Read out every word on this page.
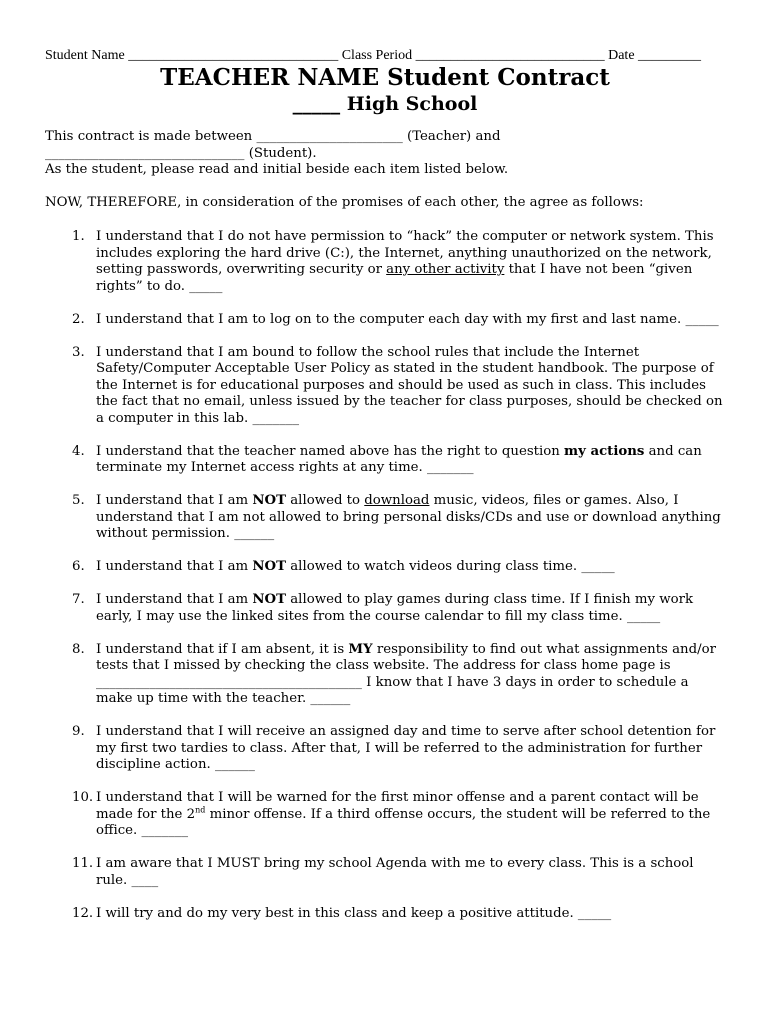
Student Name ______________________________ Class Period ___________________________ Date _________
TEACHER NAME Student Contract
_____ High School
This contract is made between ______________________ (Teacher) and
______________________________ (Student).
As the student, please read and initial beside each item listed below.
NOW, THEREFORE, in consideration of the promises of each other, the agree as follows:
1. I understand that I do not have permission to “hack” the computer or network system. This includes exploring the hard drive (C:), the Internet, anything unauthorized on the network, setting passwords, overwriting security or any other activity that I have not been “given rights” to do. _____
2. I understand that I am to log on to the computer each day with my first and last name. _____
3. I understand that I am bound to follow the school rules that include the Internet Safety/Computer Acceptable User Policy as stated in the student handbook. The purpose of the Internet is for educational purposes and should be used as such in class. This includes the fact that no email, unless issued by the teacher for class purposes, should be checked on a computer in this lab. _______
4. I understand that the teacher named above has the right to question my actions and can terminate my Internet access rights at any time. _______
5. I understand that I am NOT allowed to download music, videos, files or games. Also, I understand that I am not allowed to bring personal disks/CDs and use or download anything without permission. ______
6. I understand that I am NOT allowed to watch videos during class time. _____
7. I understand that I am NOT allowed to play games during class time. If I finish my work early, I may use the linked sites from the course calendar to fill my class time. _____
8. I understand that if I am absent, it is MY responsibility to find out what assignments and/or tests that I missed by checking the class website. The address for class home page is ________________________________________ I know that I have 3 days in order to schedule a make up time with the teacher. ______
9. I understand that I will receive an assigned day and time to serve after school detention for my first two tardies to class. After that, I will be referred to the administration for further discipline action. ______
10. I understand that I will be warned for the first minor offense and a parent contact will be made for the 2nd minor offense. If a third offense occurs, the student will be referred to the office. _______
11. I am aware that I MUST bring my school Agenda with me to every class. This is a school rule. ____
12. I will try and do my very best in this class and keep a positive attitude. _____
